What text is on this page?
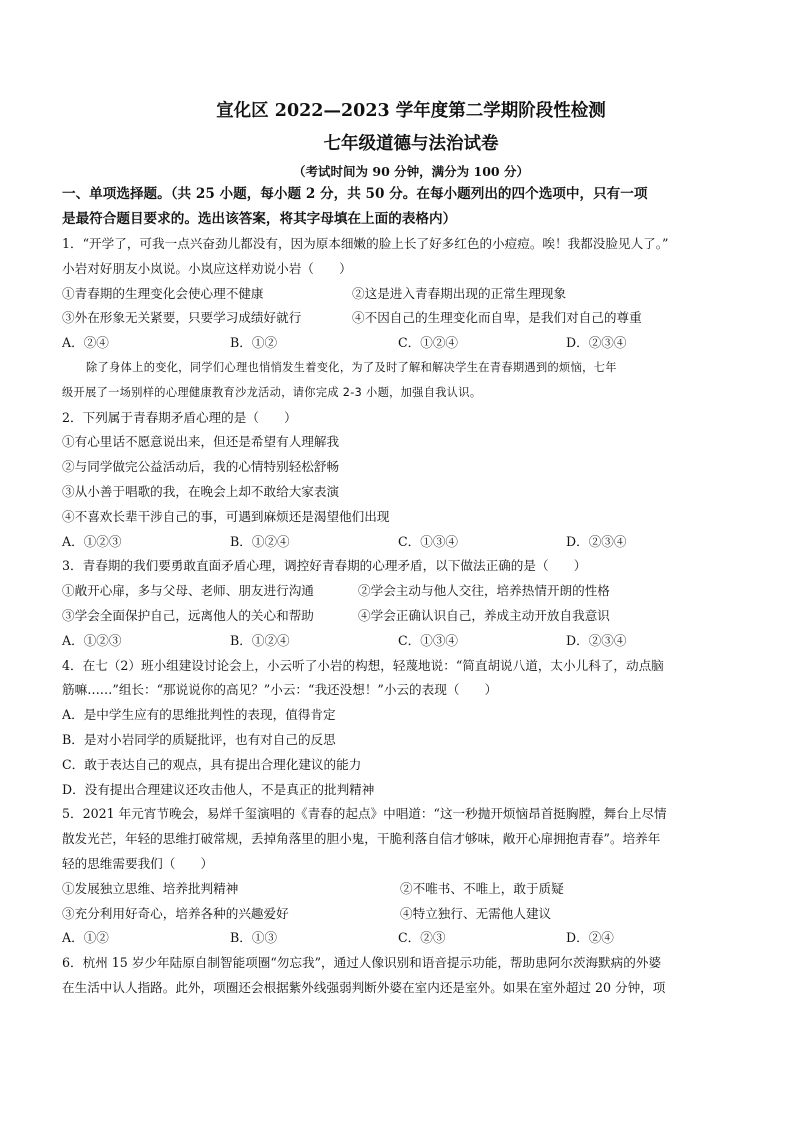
宣化区 2022—2023 学年度第二学期阶段性检测
七年级道德与法治试卷
（考试时间为 90 分钟，满分为 100 分）
一、单项选择题。（共 25 小题，每小题 2 分，共 50 分。在每小题列出的四个选项中，只有一项
是最符合题目要求的。选出该答案，将其字母填在上面的表格内）
1．“开学了，可我一点兴奋劲儿都没有，因为原本细嫩的脸上长了好多红色的小痘痘。唉！我都没脸见人了。”
小岩对好朋友小岚说。小岚应这样劝说小岩（　　）
①青春期的生理变化会使心理不健康	②这是进入青春期出现的正常生理现象
③外在形象无关紧要，只要学习成绩好就行	④不因自己的生理变化而自卑，是我们对自己的尊重
A．②④	B．①②	C．①②④	D．②③④
除了身体上的变化，同学们心理也悄悄发生着变化，为了及时了解和解决学生在青春期遇到的烦恼，七年
级开展了一场别样的心理健康教育沙龙活动，请你完成 2-3 小题，加强自我认识。
2．下列属于青春期矛盾心理的是（　　）
①有心里话不愿意说出来，但还是希望有人理解我
②与同学做完公益活动后，我的心情特别轻松舒畅
③从小善于唱歌的我，在晚会上却不敢给大家表演
④不喜欢长辈干涉自己的事，可遇到麻烦还是渴望他们出现
A．①②③	B．①②④	C．①③④	D．②③④
3．青春期的我们要勇敢直面矛盾心理，调控好青春期的心理矛盾，以下做法正确的是（　　）
①敞开心扉，多与父母、老师、朋友进行沟通	②学会主动与他人交往，培养热情开朗的性格
③学会全面保护自己，远离他人的关心和帮助	④学会正确认识自己，养成主动开放自我意识
A．①②③	B．①②④	C．①③④	D．②③④
4．在七（2）班小组建设讨论会上，小云听了小岩的构想，轻蔑地说：“简直胡说八道，太小儿科了，动点脑
筋嘛……”组长：“那说说你的高见？”小云：“我还没想！”小云的表现（　　）
A．是中学生应有的思维批判性的表现，值得肯定
B．是对小岩同学的质疑批评，也有对自己的反思
C．敢于表达自己的观点，具有提出合理化建议的能力
D．没有提出合理建议还攻击他人，不是真正的批判精神
5．2021 年元宵节晚会，易烊千玺演唱的《青春的起点》中唱道：“这一秒抛开烦恼昂首挺胸膛，舞台上尽情
散发光芒，年轻的思维打破常规，丢掉角落里的胆小鬼，干脆利落自信才够味，敞开心扉拥抱青春”。培养年
轻的思维需要我们（　　）
①发展独立思维、培养批判精神	②不唯书、不唯上，敢于质疑
③充分利用好奇心，培养各种的兴趣爱好	④特立独行、无需他人建议
A．①②	B．①③	C．②③	D．②④
6．杭州 15 岁少年陆原自制智能项圈“勿忘我”，通过人像识别和语音提示功能，帮助患阿尔茨海默病的外婆
在生活中认人指路。此外，项圈还会根据紫外线强弱判断外婆在室内还是室外。如果在室外超过 20 分钟，项
